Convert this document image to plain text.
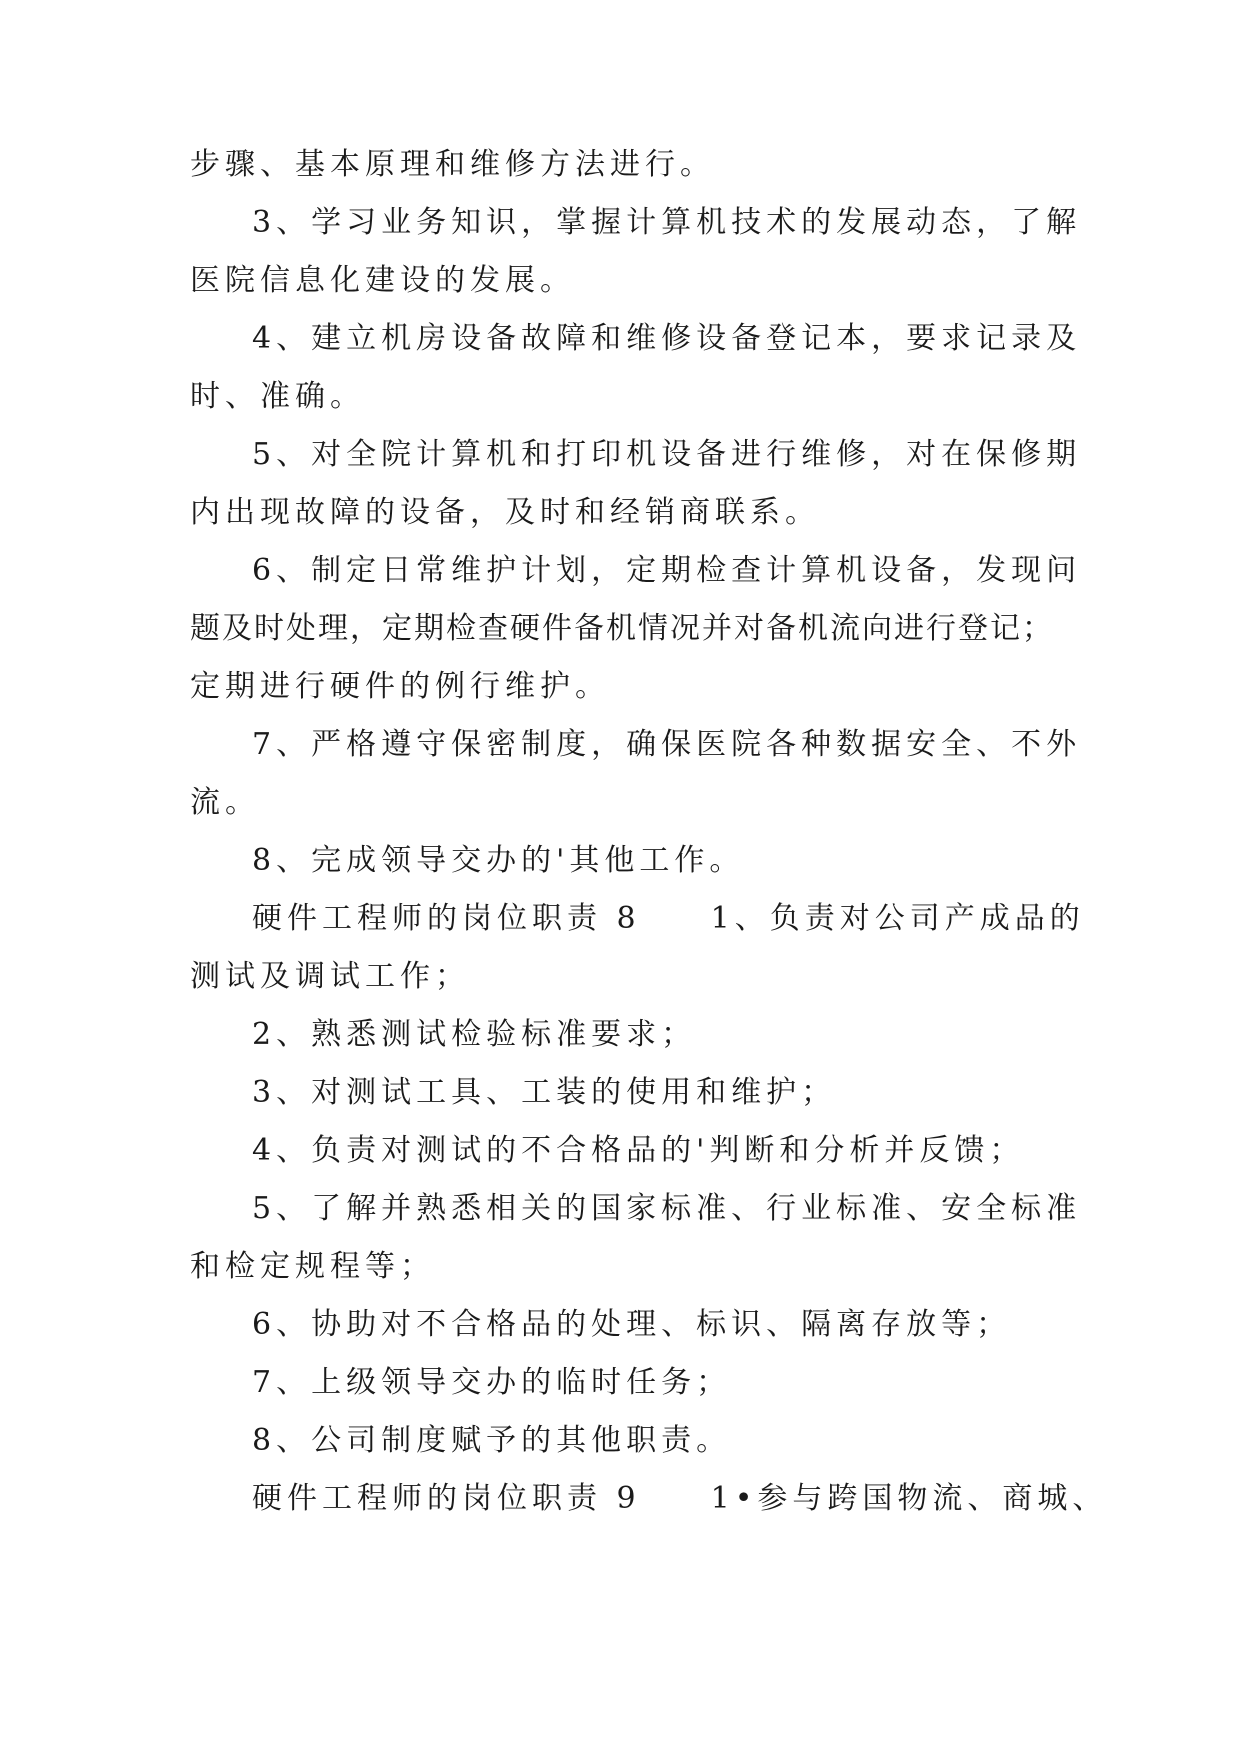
步骤、基本原理和维修方法进行。

3、学习业务知识，掌握计算机技术的发展动态，了解

医院信息化建设的发展。

4、建立机房设备故障和维修设备登记本，要求记录及

时、准确。

5、对全院计算机和打印机设备进行维修，对在保修期

内出现故障的设备，及时和经销商联系。

6、制定日常维护计划，定期检查计算机设备，发现问

题及时处理，定期检查硬件备机情况并对备机流向进行登记；

定期进行硬件的例行维护。

7、严格遵守保密制度，确保医院各种数据安全、不外

流。

8、完成领导交办的'其他工作。

硬件工程师的岗位职责 8　　1、负责对公司产成品的

测试及调试工作；

2、熟悉测试检验标准要求；

3、对测试工具、工装的使用和维护；

4、负责对测试的不合格品的'判断和分析并反馈；

5、了解并熟悉相关的国家标准、行业标准、安全标准

和检定规程等；

6、协助对不合格品的处理、标识、隔离存放等；

7、上级领导交办的临时任务；

8、公司制度赋予的其他职责。

硬件工程师的岗位职责 9　　1•参与跨国物流、商城、
